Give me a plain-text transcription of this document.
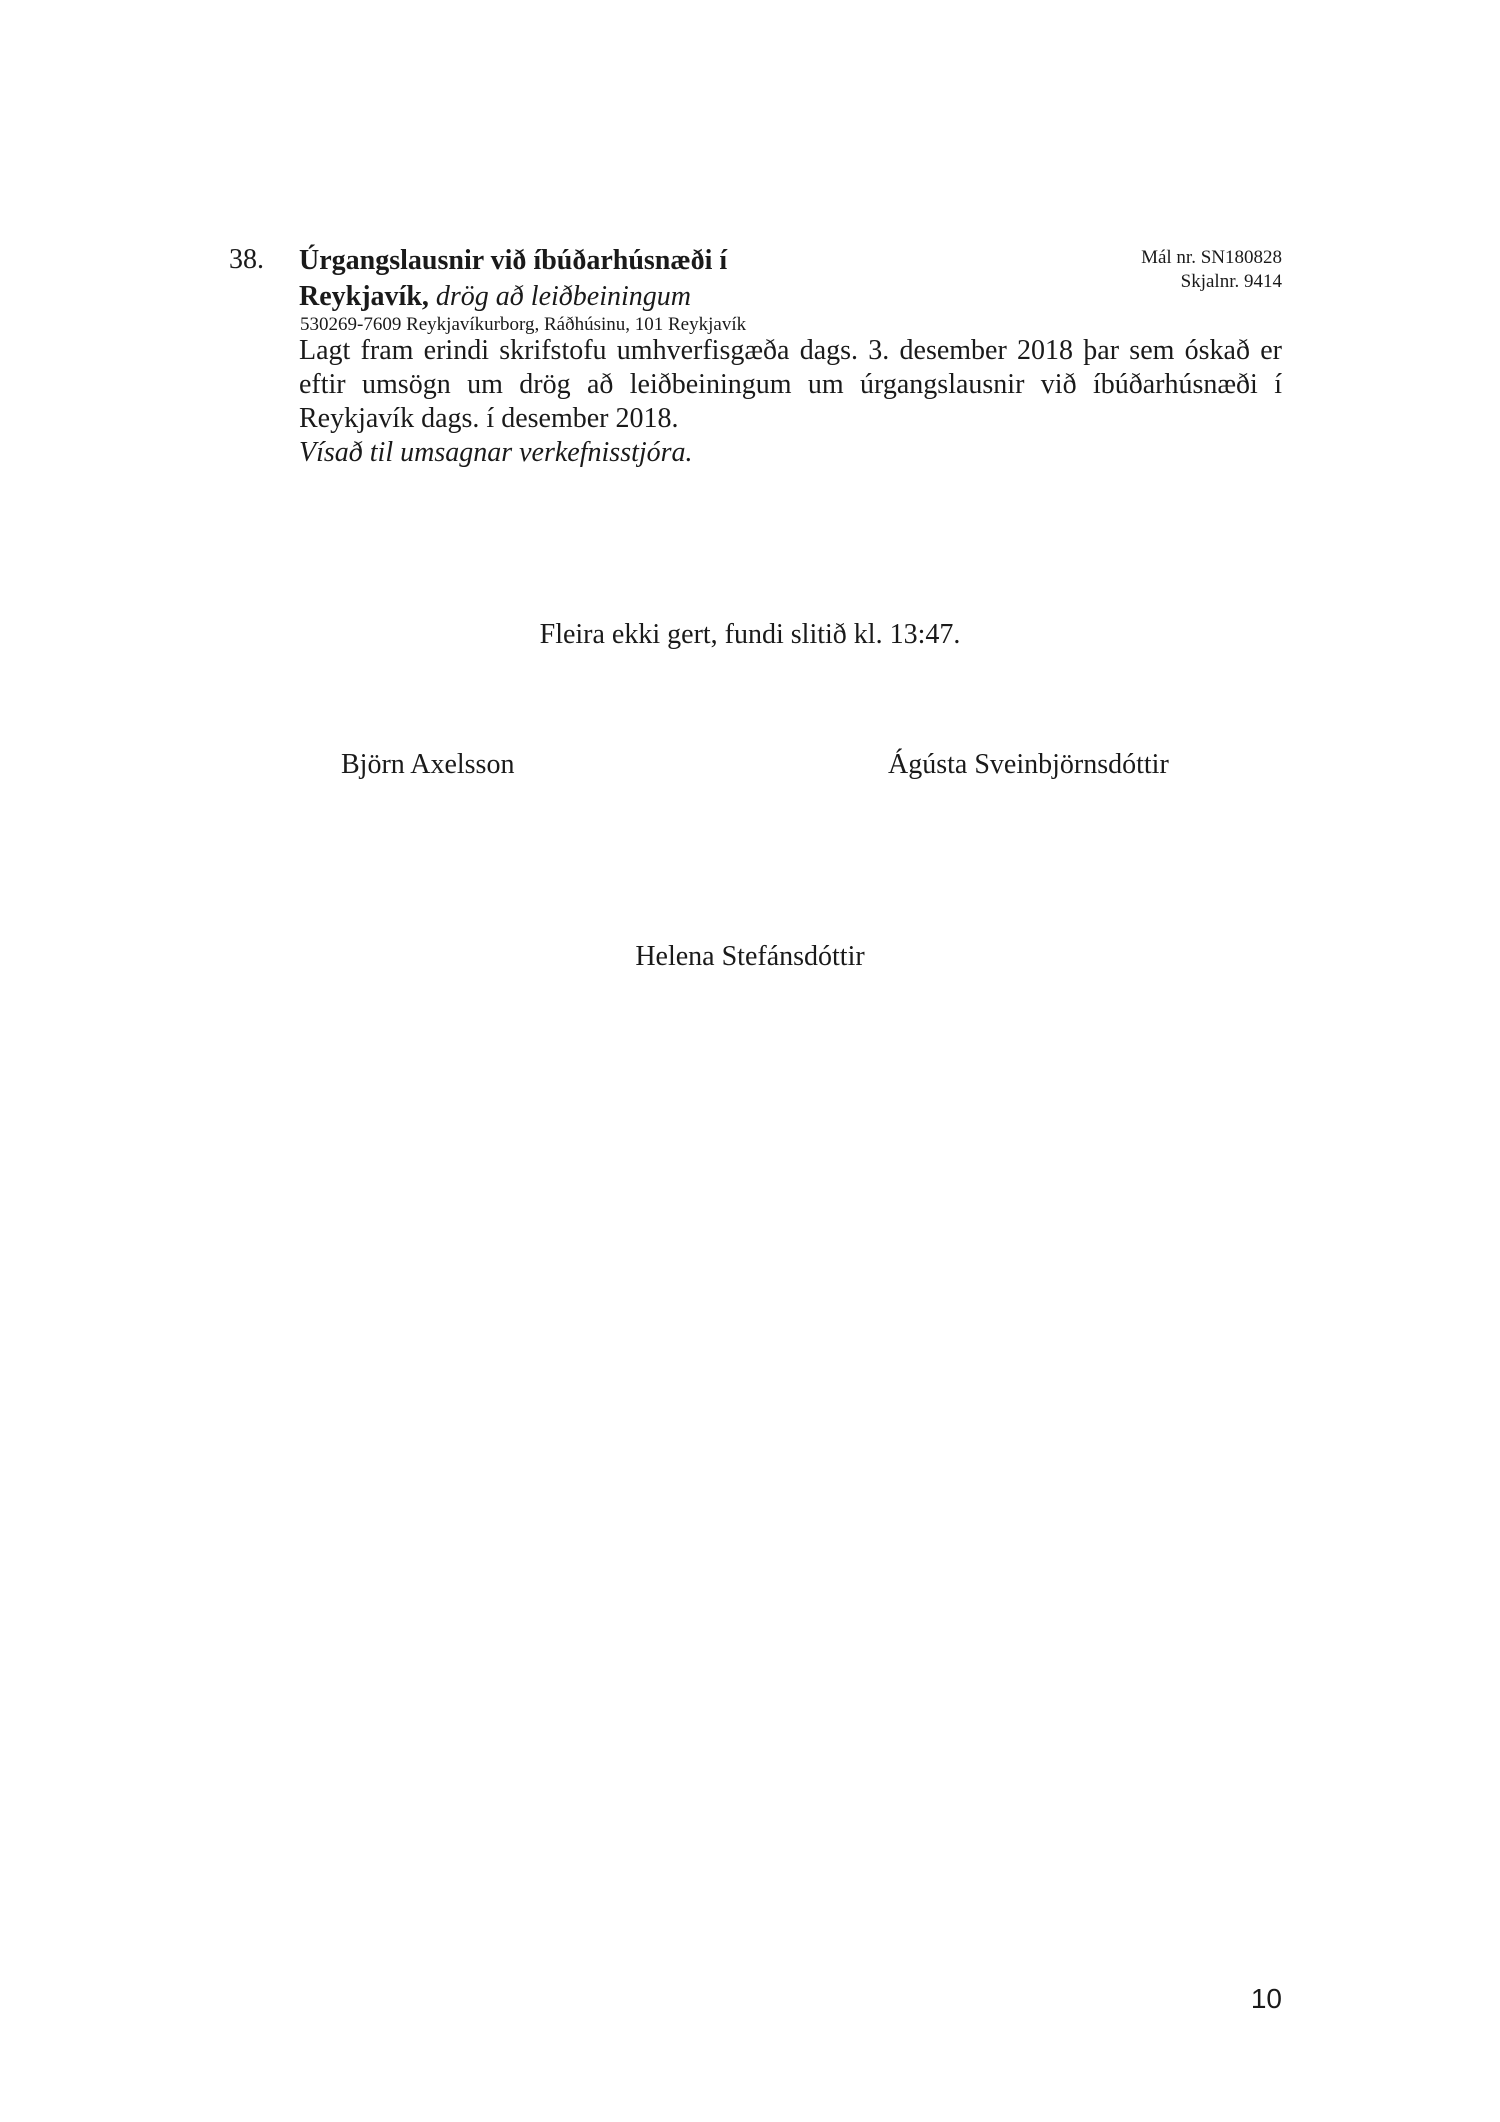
38. Úrgangslausnir við íbúðarhúsnæði í Reykjavík, drög að leiðbeiningum
Mál nr. SN180828
Skjalnr. 9414
530269-7609 Reykjavíkurborg, Ráðhúsinu, 101 Reykjavík
Lagt fram erindi skrifstofu umhverfisgæða dags. 3. desember 2018 þar sem óskað er
eftir umsögn um drög að leiðbeiningum um úrgangslausnir við íbúðarhúsnæði í
Reykjavík dags. í desember 2018.
Vísað til umsagnar verkefnisstjóra.
Fleira ekki gert, fundi slitið kl. 13:47.
Björn Axelsson	Ágústa Sveinbjörnsdóttir
Helena Stefánsdóttir
10
